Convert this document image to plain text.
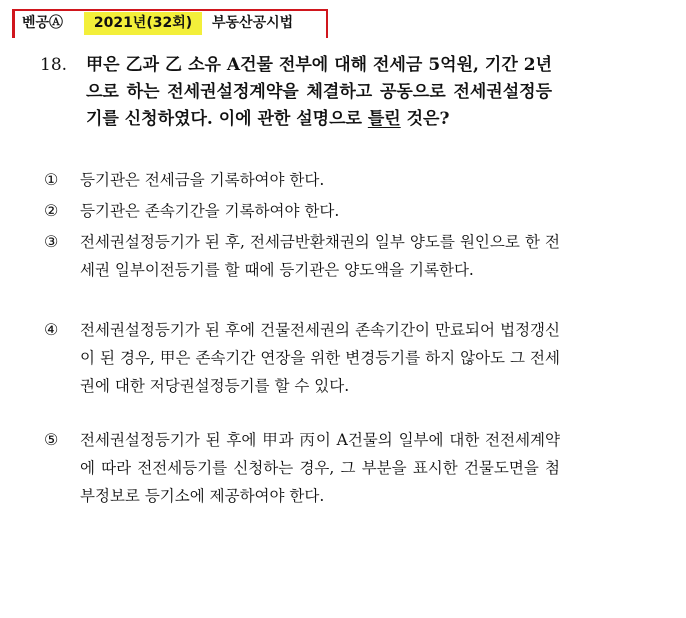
벤공Ⓐ	2021년(32회)	부동산공시법
18. 甲은 乙과 乙 소유 A건물 전부에 대해 전세금 5억원, 기간 2년으로 하는 전세권설정계약을 체결하고 공동으로 전세권설정등기를 신청하였다. 이에 관한 설명으로 틀린 것은?
① 등기관은 전세금을 기록하여야 한다.
② 등기관은 존속기간을 기록하여야 한다.
③ 전세권설정등기가 된 후, 전세금반환채권의 일부 양도를 원인으로 한 전세권 일부이전등기를 할 때에 등기관은 양도액을 기록한다.
④ 전세권설정등기가 된 후에 건물전세권의 존속기간이 만료되어 법정갱신이 된 경우, 甲은 존속기간 연장을 위한 변경등기를 하지 않아도 그 전세권에 대한 저당권설정등기를 할 수 있다.
⑤ 전세권설정등기가 된 후에 甲과 丙이 A건물의 일부에 대한 전전세계약에 따라 전전세등기를 신청하는 경우, 그 부분을 표시한 건물도면을 첨부정보로 등기소에 제공하여야 한다.
